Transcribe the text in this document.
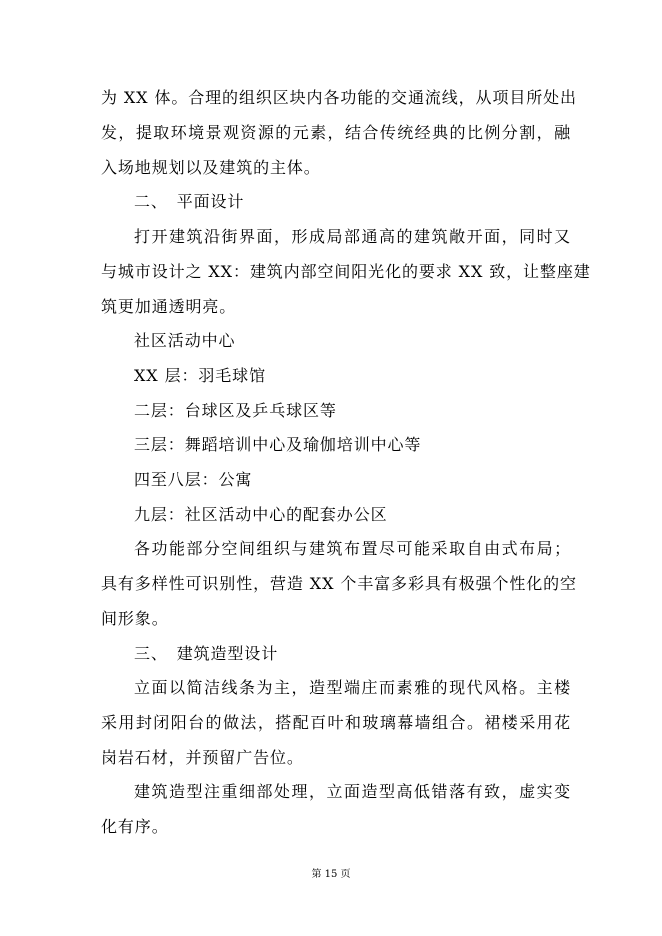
为 XX 体。合理的组织区块内各功能的交通流线，从项目所处出
发，提取环境景观资源的元素，结合传统经典的比例分割，融
入场地规划以及建筑的主体。
二、　平面设计
打开建筑沿街界面，形成局部通高的建筑敞开面，同时又
与城市设计之 XX：建筑内部空间阳光化的要求 XX 致，让整座建
筑更加通透明亮。
社区活动中心
XX 层：羽毛球馆
二层：台球区及乒乓球区等
三层：舞蹈培训中心及瑜伽培训中心等
四至八层：公寓
九层：社区活动中心的配套办公区
各功能部分空间组织与建筑布置尽可能采取自由式布局；
具有多样性可识别性，营造 XX 个丰富多彩具有极强个性化的空
间形象。
三、　建筑造型设计
立面以简洁线条为主，造型端庄而素雅的现代风格。主楼
采用封闭阳台的做法，搭配百叶和玻璃幕墙组合。裙楼采用花
岗岩石材，并预留广告位。
建筑造型注重细部处理，立面造型高低错落有致，虚实变
化有序。
第 15 页
